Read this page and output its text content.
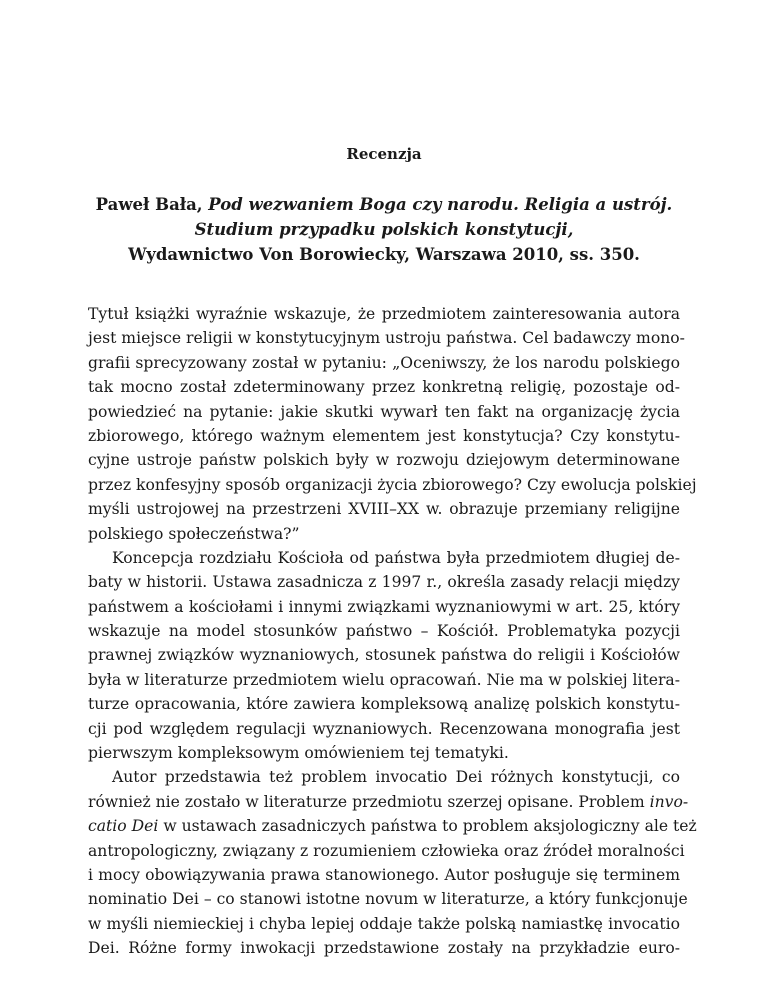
Recenzja
Paweł Bała, Pod wezwaniem Boga czy narodu. Religia a ustrój.
Studium przypadku polskich konstytucji,
Wydawnictwo Von Borowiecky, Warszawa 2010, ss. 350.
Tytuł książki wyraźnie wskazuje, że przedmiotem zainteresowania autora
jest miejsce religii w konstytucyjnym ustroju państwa. Cel badawczy mono-
grafii sprecyzowany został w pytaniu: „Oceniwszy, że los narodu polskiego
tak mocno został zdeterminowany przez konkretną religię, pozostaje od-
powiedzieć na pytanie: jakie skutki wywarł ten fakt na organizację życia
zbiorowego, którego ważnym elementem jest konstytucja? Czy konstytu-
cyjne ustroje państw polskich były w rozwoju dziejowym determinowane
przez konfesyjny sposób organizacji życia zbiorowego? Czy ewolucja polskiej
myśli ustrojowej na przestrzeni XVIII–XX w. obrazuje przemiany religijne
polskiego społeczeństwa?”
Koncepcja rozdziału Kościoła od państwa była przedmiotem długiej de-
baty w historii. Ustawa zasadnicza z 1997 r., określa zasady relacji między
państwem a kościołami i innymi związkami wyznaniowymi w art. 25, który
wskazuje na model stosunków państwo – Kościół. Problematyka pozycji
prawnej związków wyznaniowych, stosunek państwa do religii i Kościołów
była w literaturze przedmiotem wielu opracowań. Nie ma w polskiej litera-
turze opracowania, które zawiera kompleksową analizę polskich konstytu-
cji pod względem regulacji wyznaniowych. Recenzowana monografia jest
pierwszym kompleksowym omówieniem tej tematyki.
Autor przedstawia też problem invocatio Dei różnych konstytucji, co
również nie zostało w literaturze przedmiotu szerzej opisane. Problem invo-
catio Dei w ustawach zasadniczych państwa to problem aksjologiczny ale też
antropologiczny, związany z rozumieniem człowieka oraz źródeł moralności
i mocy obowiązywania prawa stanowionego. Autor posługuje się terminem
nominatio Dei – co stanowi istotne novum w literaturze, a który funkcjonuje
w myśli niemieckiej i chyba lepiej oddaje także polską namiastkę invocatio
Dei. Różne formy inwokacji przedstawione zostały na przykładzie euro-
